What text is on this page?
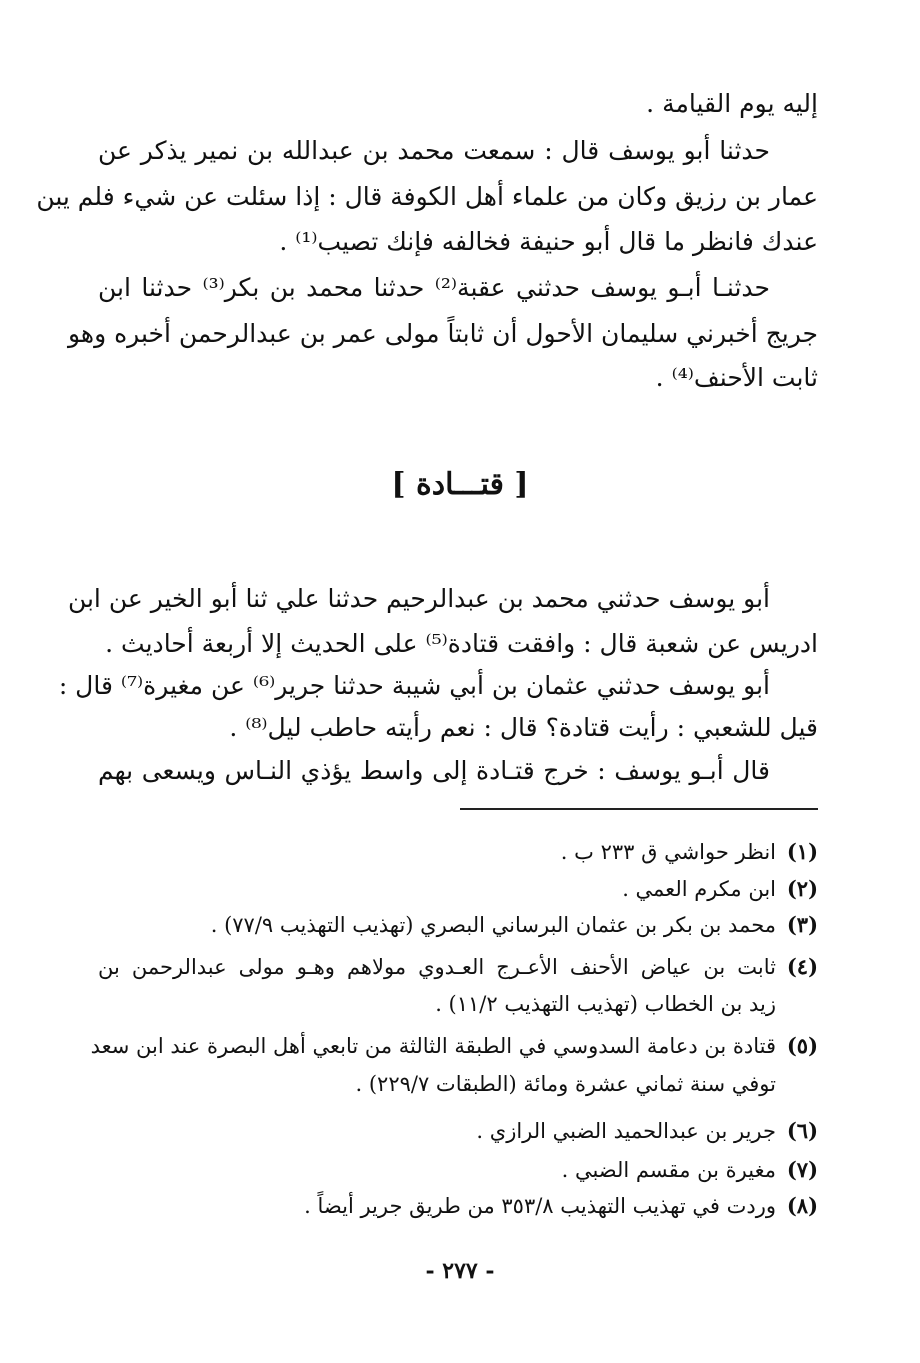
إليه يوم القيامة .
حدثنا أبو يوسف قال : سمعت محمد بن عبدالله بن نمير يذكر عن
عمار بن رزيق وكان من علماء أهل الكوفة قال : إذا سئلت عن شيء فلم يبن
عندك فانظر ما قال أبو حنيفة فخالفه فإنك تصيب⁽¹⁾ .
حدثنـا أبـو يوسف حدثني عقبة⁽²⁾ حدثنا محمد بن بكر⁽³⁾ حدثنا ابن
جريج أخبرني سليمان الأحول أن ثابتاً مولى عمر بن عبدالرحمن أخبره وهو
ثابت الأحنف⁽⁴⁾ .
[ قتـــادة ]
أبو يوسف حدثني محمد بن عبدالرحيم حدثنا علي ثنا أبو الخير عن ابن
ادريس عن شعبة قال : وافقت قتادة⁽⁵⁾ على الحديث إلا أربعة أحاديث .
أبو يوسف حدثني عثمان بن أبي شيبة حدثنا جرير⁽⁶⁾ عن مغيرة⁽⁷⁾ قال :
قيل للشعبي : رأيت قتادة؟ قال : نعم رأيته حاطب ليل⁽⁸⁾ .
قال أبـو يوسف : خرج قتـادة إلى واسط يؤذي النـاس ويسعى بهم
(١)انظر حواشي ق ٢٣٣ ب .
(٢)ابن مكرم العمي .
(٣)محمد بن بكر بن عثمان البرساني البصري (تهذيب التهذيب ٧٧/٩) .
(٤)ثابت بن عياض الأحنف الأعـرج العـدوي مولاهم وهـو مولى عبدالرحمن بن
زيد بن الخطاب (تهذيب التهذيب ١١/٢) .
(٥)قتادة بن دعامة السدوسي في الطبقة الثالثة من تابعي أهل البصرة عند ابن سعد
توفي سنة ثماني عشرة ومائة (الطبقات ٢٢٩/٧) .
(٦)جرير بن عبدالحميد الضبي الرازي .
(٧)مغيرة بن مقسم الضبي .
(٨)وردت في تهذيب التهذيب ٣٥٣/٨ من طريق جرير أيضاً .
- ٢٧٧ -
